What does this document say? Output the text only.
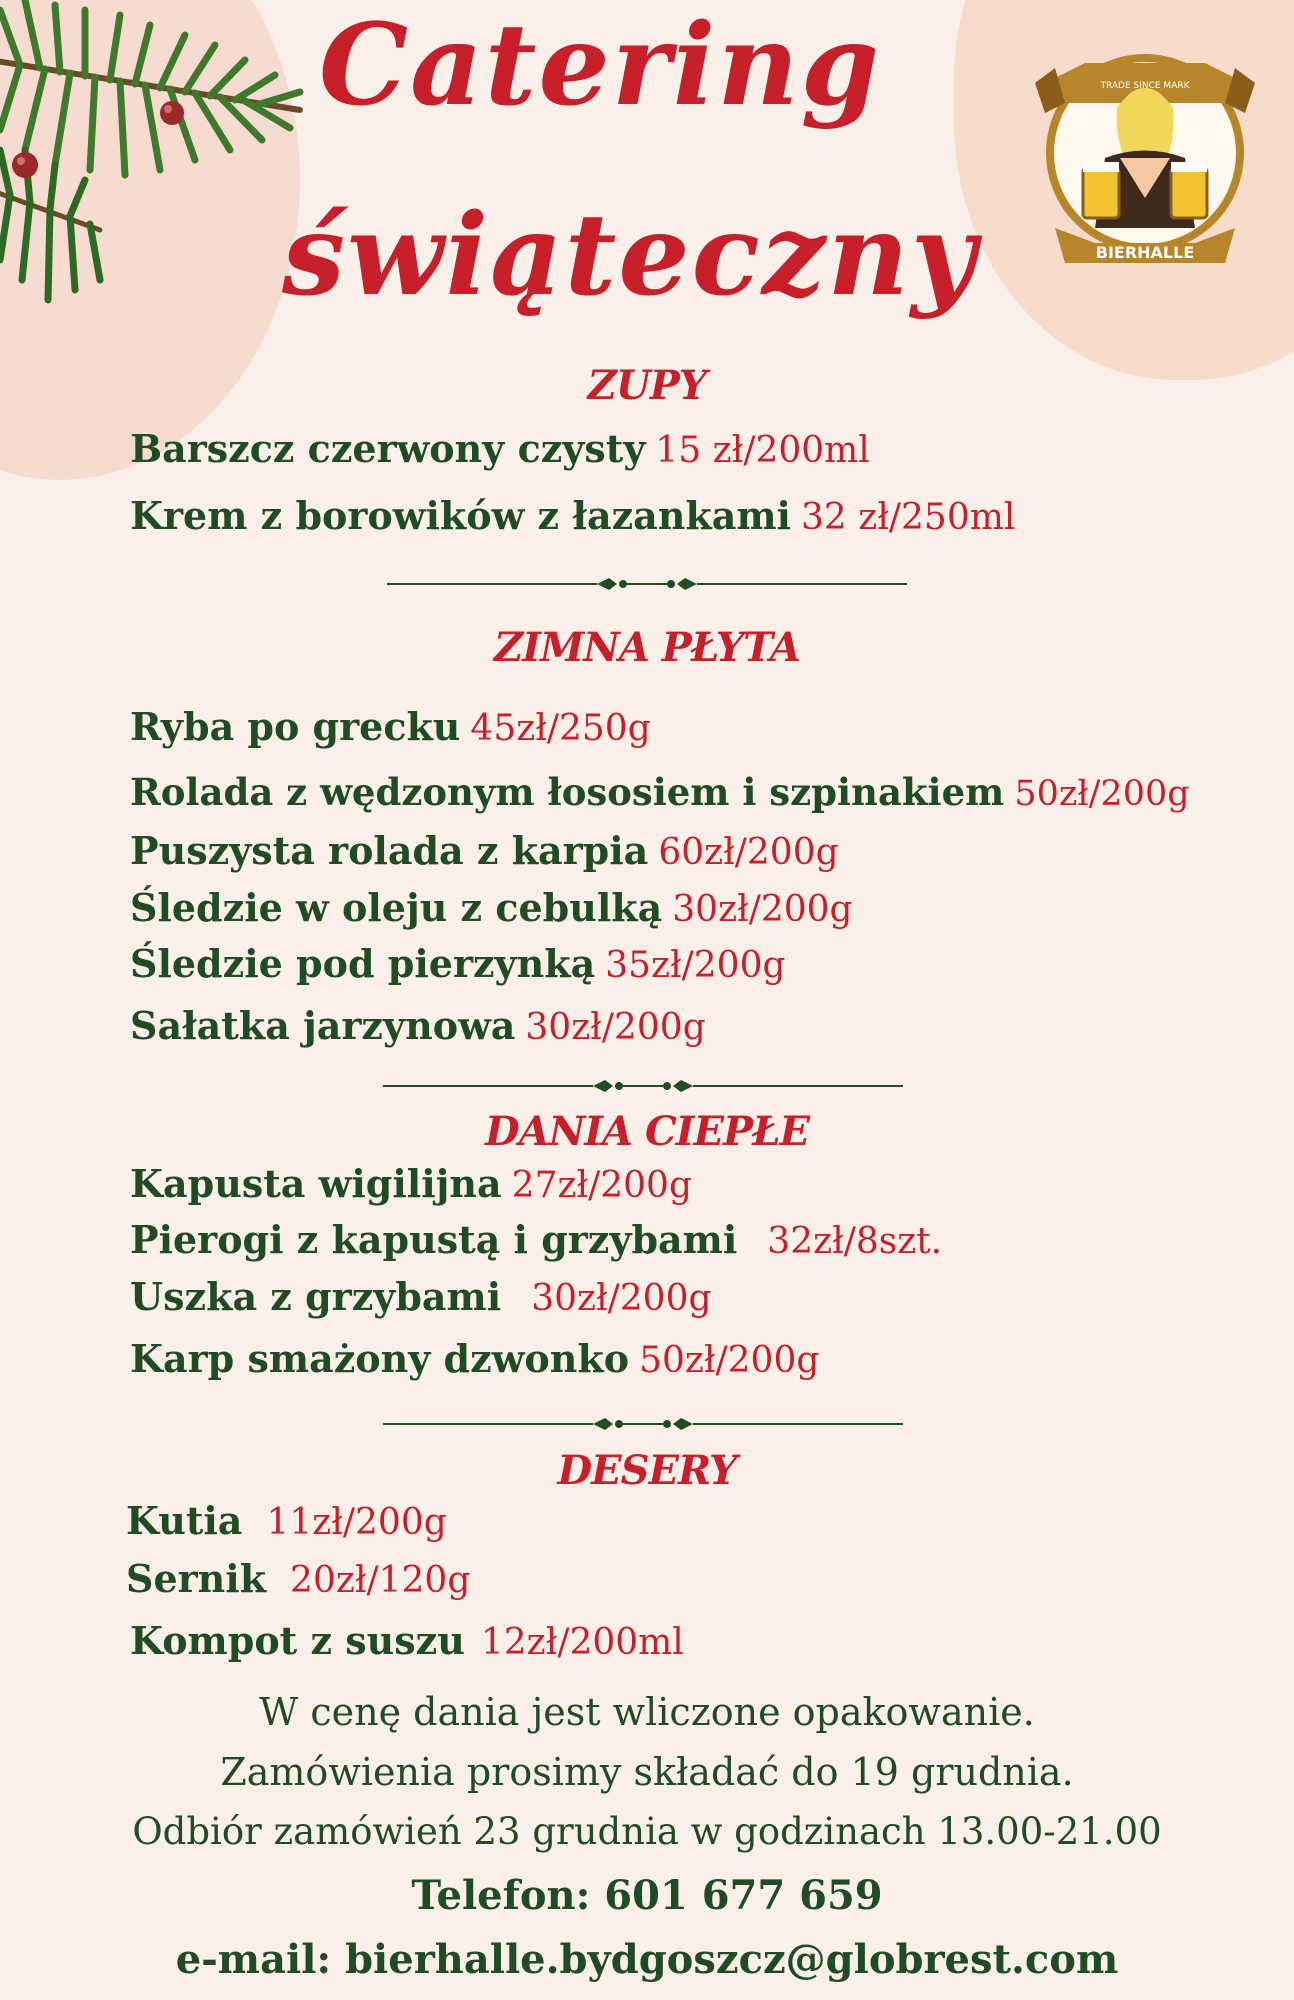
Catering
świąteczny
TRADE SINCE MARK
BIERHALLE
ZUPY
Barszcz czerwony czysty 15 zł/200ml
Krem z borowików z łazankami 32 zł/250ml
ZIMNA PŁYTA
Ryba po grecku 45zł/250g
Rolada z wędzonym łososiem i szpinakiem 50zł/200g
Puszysta rolada z karpia 60zł/200g
Śledzie w oleju z cebulką 30zł/200g
Śledzie pod pierzynką 35zł/200g
Sałatka jarzynowa 30zł/200g
DANIA CIEPŁE
Kapusta wigilijna 27zł/200g
Pierogi z kapustą i grzybami 32zł/8szt.
Uszka z grzybami 30zł/200g
Karp smażony dzwonko 50zł/200g
DESERY
Kutia 11zł/200g
Sernik 20zł/120g
Kompot z suszu 12zł/200ml
W cenę dania jest wliczone opakowanie.
Zamówienia prosimy składać do 19 grudnia.
Odbiór zamówień 23 grudnia w godzinach 13.00-21.00
Telefon: 601 677 659
e-mail: bierhalle.bydgoszcz@globrest.com
